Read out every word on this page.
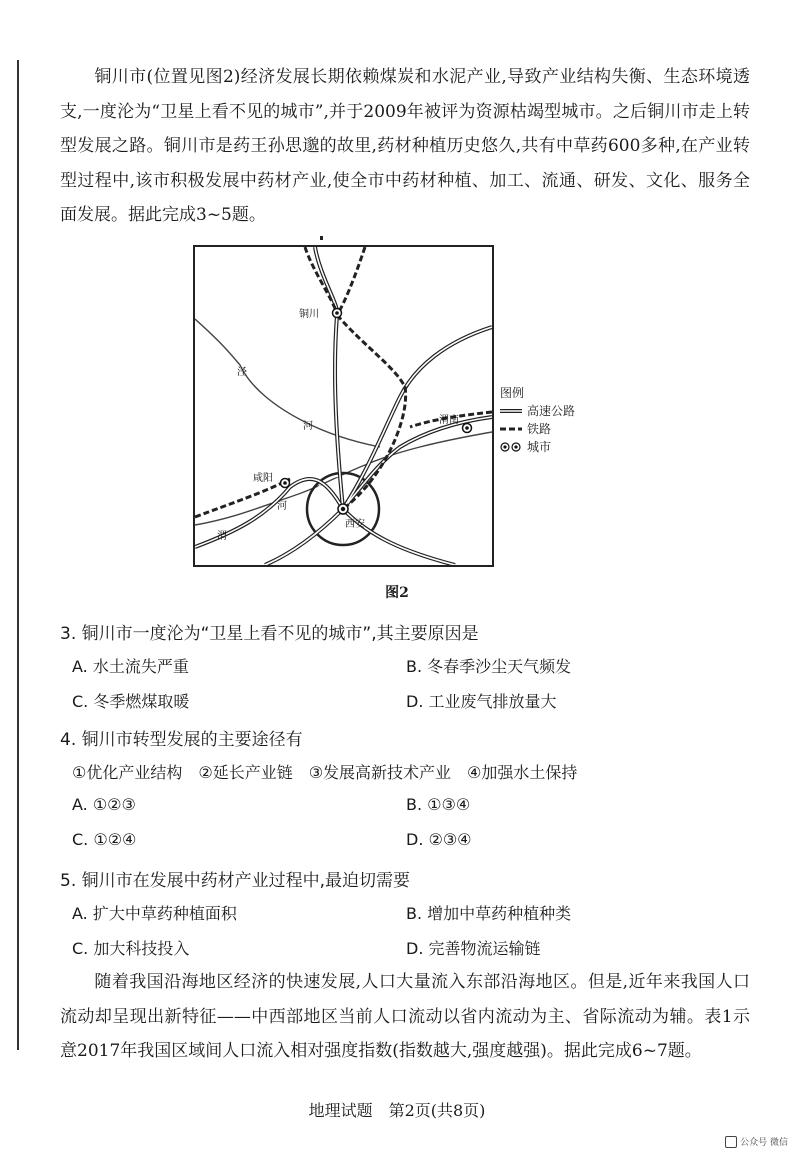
铜川市(位置见图2)经济发展长期依赖煤炭和水泥产业,导致产业结构失衡、生态环境透支,一度沦为“卫星上看不见的城市”,并于2009年被评为资源枯竭型城市。之后铜川市走上转型发展之路。铜川市是药王孙思邈的故里,药材种植历史悠久,共有中草药600多种,在产业转型过程中,该市积极发展中药材产业,使全市中药材种植、加工、流通、研发、文化、服务全面发展。据此完成3~5题。

铜川
泾
河
渭南
咸阳
河
渭
西安
图例
高速公路
铁路
城市
图2
3. 铜川市一度沦为“卫星上看不见的城市”,其主要原因是
A. 水土流失严重	B. 冬春季沙尘天气频发
C. 冬季燃煤取暖	D. 工业废气排放量大
4. 铜川市转型发展的主要途径有
①优化产业结构　②延长产业链　③发展高新技术产业　④加强水土保持
A. ①②③	B. ①③④
C. ①②④	D. ②③④
5. 铜川市在发展中药材产业过程中,最迫切需要
A. 扩大中草药种植面积	B. 增加中草药种植种类
C. 加大科技投入	D. 完善物流运输链

随着我国沿海地区经济的快速发展,人口大量流入东部沿海地区。但是,近年来我国人口流动却呈现出新特征——中西部地区当前人口流动以省内流动为主、省际流动为辅。表1示意2017年我国区域间人口流入相对强度指数(指数越大,强度越强)。据此完成6~7题。

地理试题　第2页(共8页)
公众号 微信
